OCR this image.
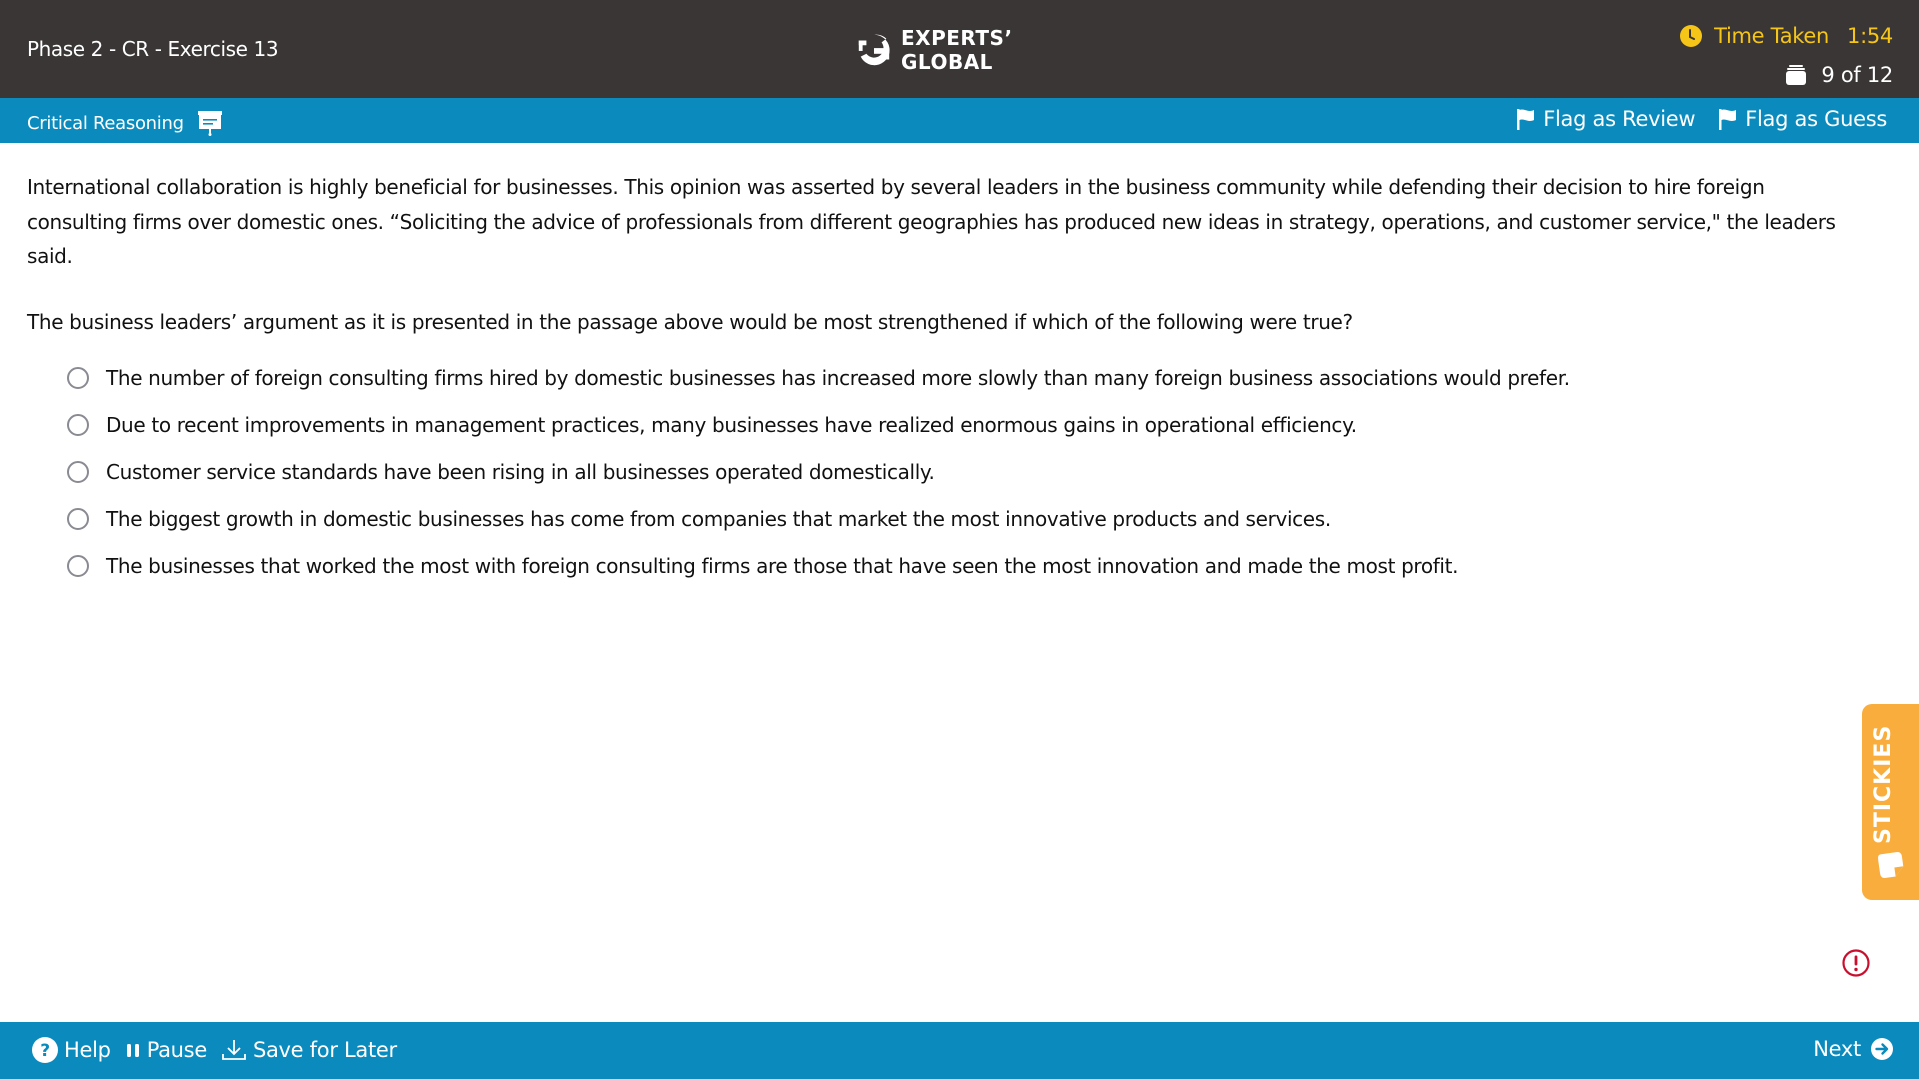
Phase 2 - CR - Exercise 13	EXPERTS’
GLOBAL
Time Taken 1:54
9 of 12
Critical Reasoning	Flag as Review Flag as Guess

International collaboration is highly beneficial for businesses. This opinion was asserted by several leaders in the business community while defending their decision to hire foreign consulting firms over domestic ones. “Soliciting the advice of professionals from different geographies has produced new ideas in strategy, operations, and customer service," the leaders said.

The business leaders’ argument as it is presented in the passage above would be most strengthened if which of the following were true?

The number of foreign consulting firms hired by domestic businesses has increased more slowly than many foreign business associations would prefer.
Due to recent improvements in management practices, many businesses have realized enormous gains in operational efficiency.
Customer service standards have been rising in all businesses operated domestically.
The biggest growth in domestic businesses has come from companies that market the most innovative products and services.
The businesses that worked the most with foreign consulting firms are those that have seen the most innovation and made the most profit.
STICKIES
? Help Pause Save for Later	Next
